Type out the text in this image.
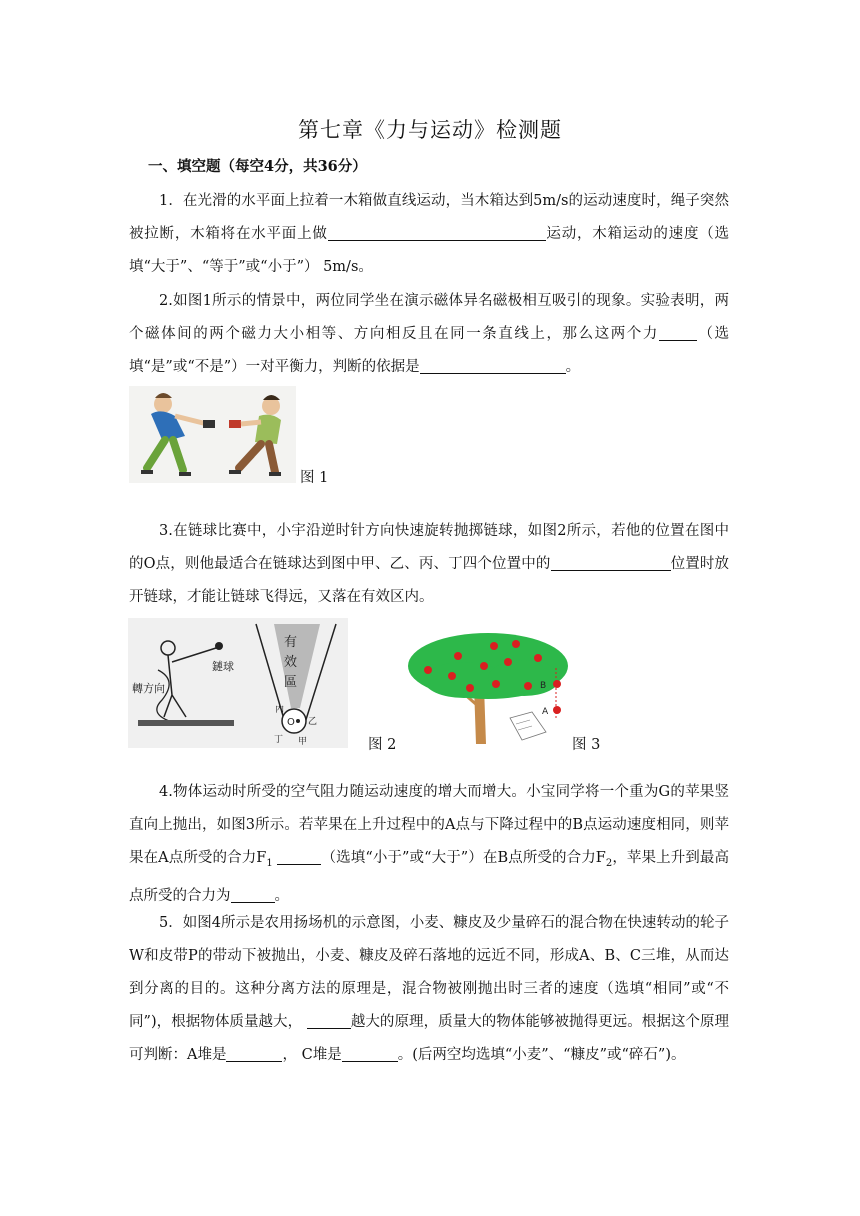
第七章《力与运动》检测题
一、填空题（每空4分，共36分）
1．在光滑的水平面上拉着一木箱做直线运动，当木箱达到5m/s的运动速度时，绳子突然被拉断，木箱将在水平面上做	运动，木箱运动的速度（选填“大于”、“等于”或“小于”） 5m/s。
2.如图1所示的情景中，两位同学坐在演示磁体异名磁极相互吸引的现象。实验表明，两个磁体间的两个磁力大小相等、方向相反且在同一条直线上，那么这两个力	（选填“是”或“不是”）一对平衡力，判断的依据是	。
图 1
3.在链球比赛中，小宇沿逆时针方向快速旋转抛掷链球，如图2所示，若他的位置在图中的O点，则他最适合在链球达到图中甲、乙、丙、丁四个位置中的	位置时放开链球，才能让链球飞得远，又落在有效区内。
鏈球
轉方向
有
效
區
O
内
乙
丁 甲	图 2
B
A
图 3
4.物体运动时所受的空气阻力随运动速度的增大而增大。小宝同学将一个重为G的苹果竖直向上抛出，如图3所示。若苹果在上升过程中的A点与下降过程中的B点运动速度相同，则苹果在A点所受的合力$F_1$	（选填“小于”或“大于”）在B点所受的合力$F_2$，苹果上升到最高点所受的合力为	。
5．如图4所示是农用扬场机的示意图，小麦、糠皮及少量碎石的混合物在快速转动的轮子W和皮带P的带动下被抛出，小麦、糠皮及碎石落地的远近不同，形成A、B、C三堆，从而达到分离的目的。这种分离方法的原理是，混合物被刚抛出时三者的速度（选填“相同”或“不同”)，根据物体质量越大，	越大的原理，质量大的物体能够被抛得更远。根据这个原理可判断：A堆是	， C堆是	。(后两空均选填“小麦”、“糠皮”或“碎石”)。
